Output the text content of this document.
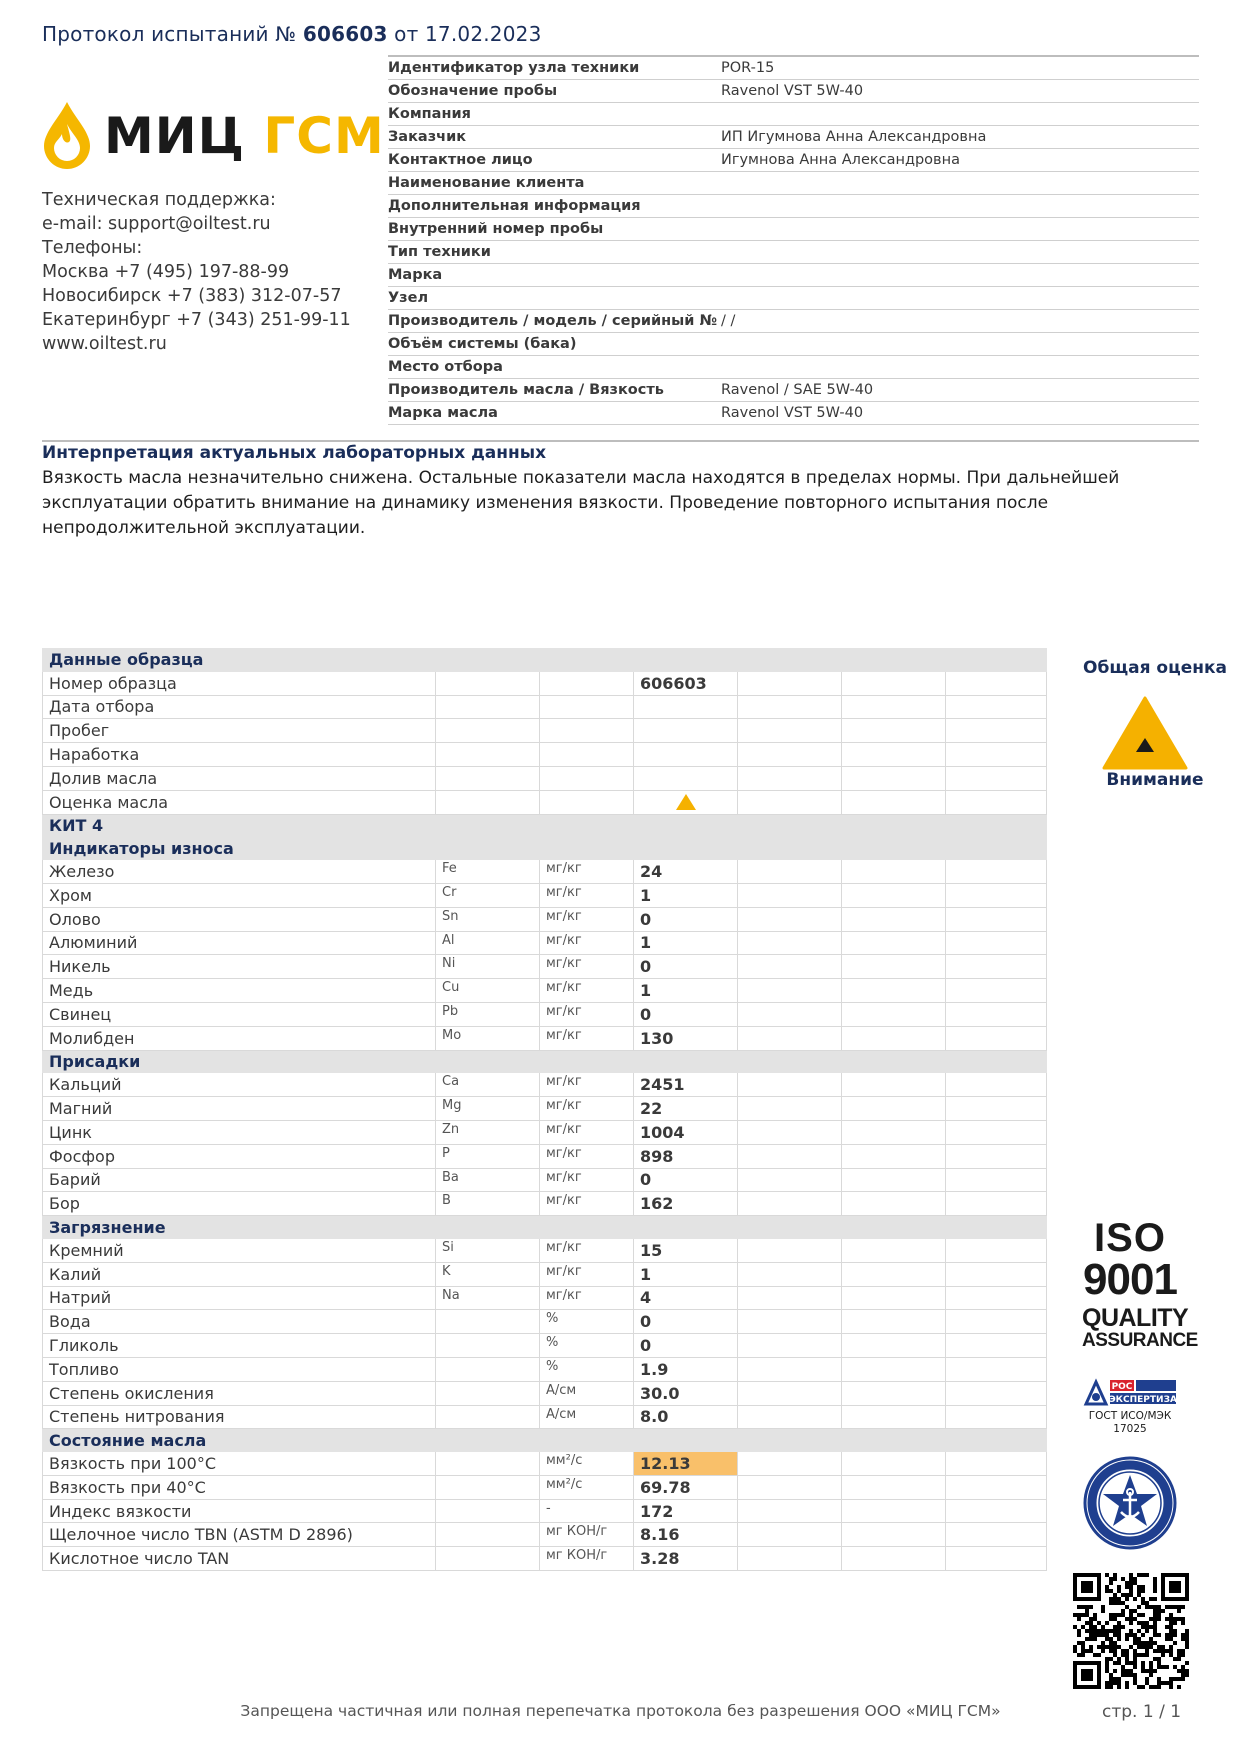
Протокол испытаний № 606603 от 17.02.2023
МИЦ ГСМ
Техническая поддержка:
e-mail: support@oiltest.ru
Телефоны:
Москва +7 (495) 197-88-99
Новосибирск +7 (383) 312-07-57
Екатеринбург +7 (343) 251-99-11
www.oiltest.ru
Идентификатор узла техники	POR-15
Обозначение пробы	Ravenol VST 5W-40
Компания
Заказчик	ИП Игумнова Анна Александровна
Контактное лицо	Игумнова Анна Александровна
Наименование клиента
Дополнительная информация
Внутренний номер пробы
Тип техники
Марка
Узел
Производитель / модель / серийный № / /
Объём системы (бака)
Место отбора
Производитель масла / Вязкость	Ravenol / SAE 5W-40
Марка масла	Ravenol VST 5W-40
Интерпретация актуальных лабораторных данных
Вязкость масла незначительно снижена. Остальные показатели масла находятся в пределах нормы. При дальнейшей эксплуатации обратить внимание на динамику изменения вязкости. Проведение повторного испытания после непродолжительной эксплуатации.
Данные образца						
Номер образца			606603			
Дата отбора						
Пробег						
Наработка						
Долив масла						
Оценка масла						
КИТ 4						
Индикаторы износа						
Железо	Fe	мг/кг	24			
Хром	Cr	мг/кг	1			
Олово	Sn	мг/кг	0			
Алюминий	Al	мг/кг	1			
Никель	Ni	мг/кг	0			
Медь	Cu	мг/кг	1			
Свинец	Pb	мг/кг	0			
Молибден	Mo	мг/кг	130			
Присадки						
Кальций	Ca	мг/кг	2451			
Магний	Mg	мг/кг	22			
Цинк	Zn	мг/кг	1004			
Фосфор	P	мг/кг	898			
Барий	Ba	мг/кг	0			
Бор	B	мг/кг	162			
Загрязнение						
Кремний	Si	мг/кг	15			
Калий	K	мг/кг	1			
Натрий	Na	мг/кг	4			
Вода		%	0			
Гликоль		%	0			
Топливо		%	1.9			
Степень окисления		А/см	30.0			
Степень нитрования		А/см	8.0			
Состояние масла						
Вязкость при 100°C		мм²/с	12.13			
Вязкость при 40°C		мм²/с	69.78			
Индекс вязкости		-	172			
Щелочное число TBN (ASTM D 2896)		мг КОН/г	8.16			
Кислотное число TAN		мг КОН/г	3.28			
Общая оценка
Внимание
ISO
9001
QUALITY
ASSURANCE
РОС
ЭКСПЕРТИЗА
ГОСТ ИСО/МЭК 17025
Запрещена частичная или полная перепечатка протокола без разрешения ООО «МИЦ ГСМ»	стр. 1 / 1
